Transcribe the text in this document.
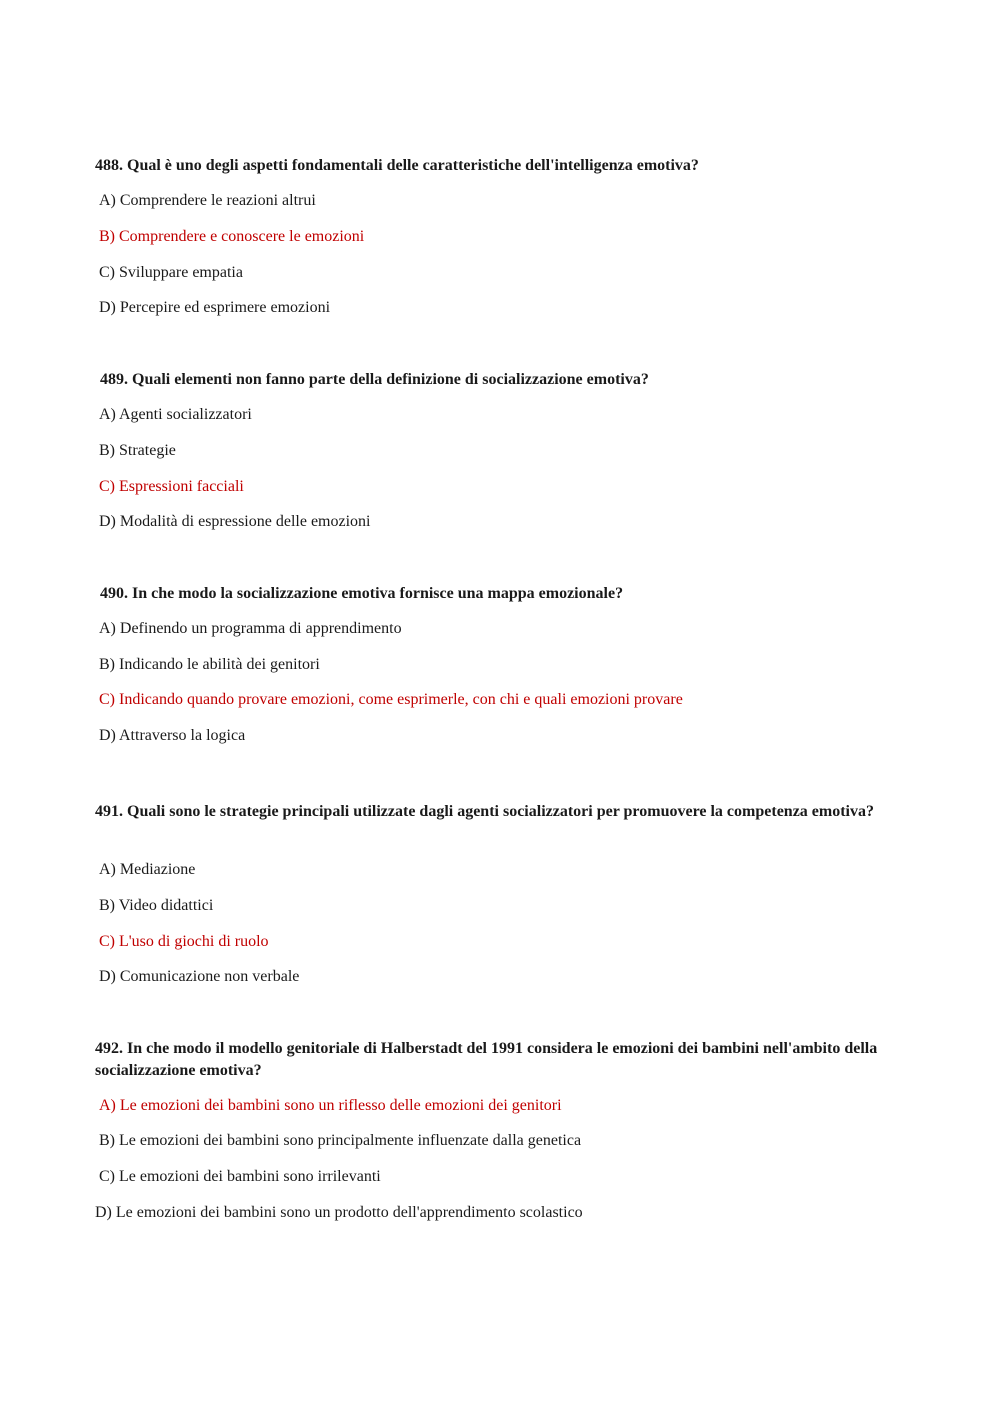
488. Qual è uno degli aspetti fondamentali delle caratteristiche dell'intelligenza emotiva?

A) Comprendere le reazioni altrui

B) Comprendere e conoscere le emozioni

C) Sviluppare empatia

D) Percepire ed esprimere emozioni

489. Quali elementi non fanno parte della definizione di socializzazione emotiva?

A) Agenti socializzatori

B) Strategie

C) Espressioni facciali

D) Modalità di espressione delle emozioni

490. In che modo la socializzazione emotiva fornisce una mappa emozionale?

A) Definendo un programma di apprendimento

B) Indicando le abilità dei genitori

C) Indicando quando provare emozioni, come esprimerle, con chi e quali emozioni provare

D) Attraverso la logica

491. Quali sono le strategie principali utilizzate dagli agenti socializzatori per promuovere la competenza emotiva?

A) Mediazione

B) Video didattici

C) L'uso di giochi di ruolo

D) Comunicazione non verbale

492. In che modo il modello genitoriale di Halberstadt del 1991 considera le emozioni dei bambini nell'ambito della socializzazione emotiva?

A) Le emozioni dei bambini sono un riflesso delle emozioni dei genitori

B) Le emozioni dei bambini sono principalmente influenzate dalla genetica

C) Le emozioni dei bambini sono irrilevanti

D) Le emozioni dei bambini sono un prodotto dell'apprendimento scolastico
